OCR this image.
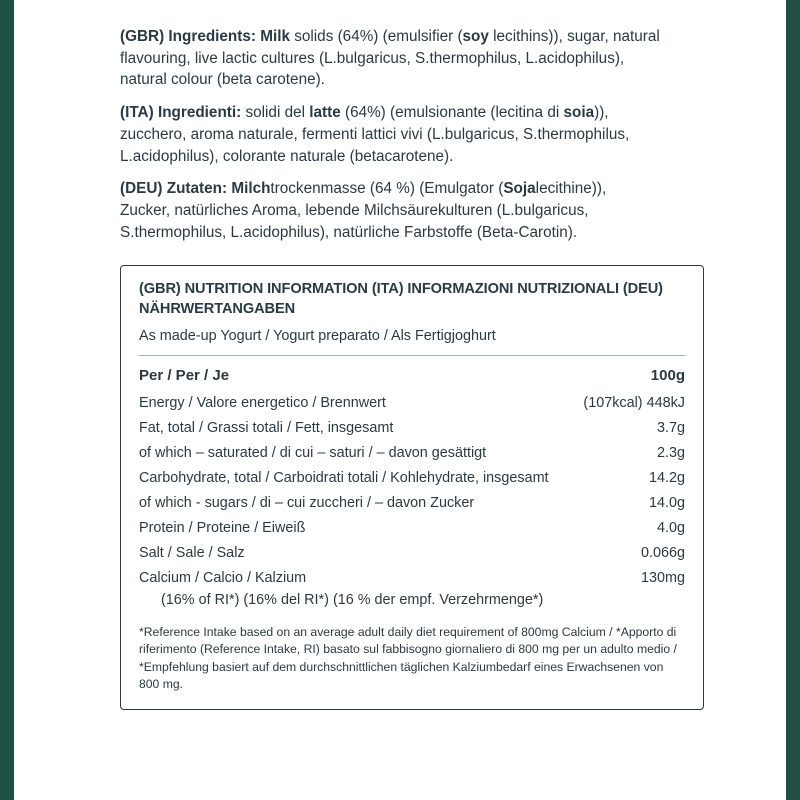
(GBR) Ingredients: Milk solids (64%) (emulsifier (soy lecithins)), sugar, natural flavouring, live lactic cultures (L.bulgaricus, S.thermophilus, L.acidophilus), natural colour (beta carotene).

(ITA) Ingredienti: solidi del latte (64%) (emulsionante (lecitina di soia)), zucchero, aroma naturale, fermenti lattici vivi (L.bulgaricus, S.thermophilus, L.acidophilus), colorante naturale (betacarotene).

(DEU) Zutaten: Milchtrockenmasse (64 %) (Emulgator (Sojalecithine)), Zucker, natürliches Aroma, lebende Milchsäurekulturen (L.bulgaricus, S.thermophilus, L.acidophilus), natürliche Farbstoffe (Beta-Carotin).

(GBR) NUTRITION INFORMATION (ITA) INFORMAZIONI NUTRIZIONALI (DEU) NÄHRWERTANGABEN
As made-up Yogurt / Yogurt preparato / Als Fertigjoghurt
Per / Per / Je	100g
Energy / Valore energetico / Brennwert	(107kcal) 448kJ
Fat, total / Grassi totali / Fett, insgesamt	3.7g
of which – saturated / di cui – saturi / – davon gesättigt	2.3g
Carbohydrate, total / Carboidrati totali / Kohlehydrate, insgesamt	14.2g
of which - sugars / di – cui zuccheri / – davon Zucker	14.0g
Protein / Proteine / Eiweiß	4.0g
Salt / Sale / Salz	0.066g
Calcium / Calcio / Kalzium	130mg
(16% of RI*) (16% del RI*) (16 % der empf. Verzehrmenge*)	
*Reference Intake based on an average adult daily diet requirement of 800mg Calcium / *Apporto di riferimento (Reference Intake, RI) basato sul fabbisogno giornaliero di 800 mg per un adulto medio / *Empfehlung basiert auf dem durchschnittlichen täglichen Kalziumbedarf eines Erwachsenen von 800 mg.
